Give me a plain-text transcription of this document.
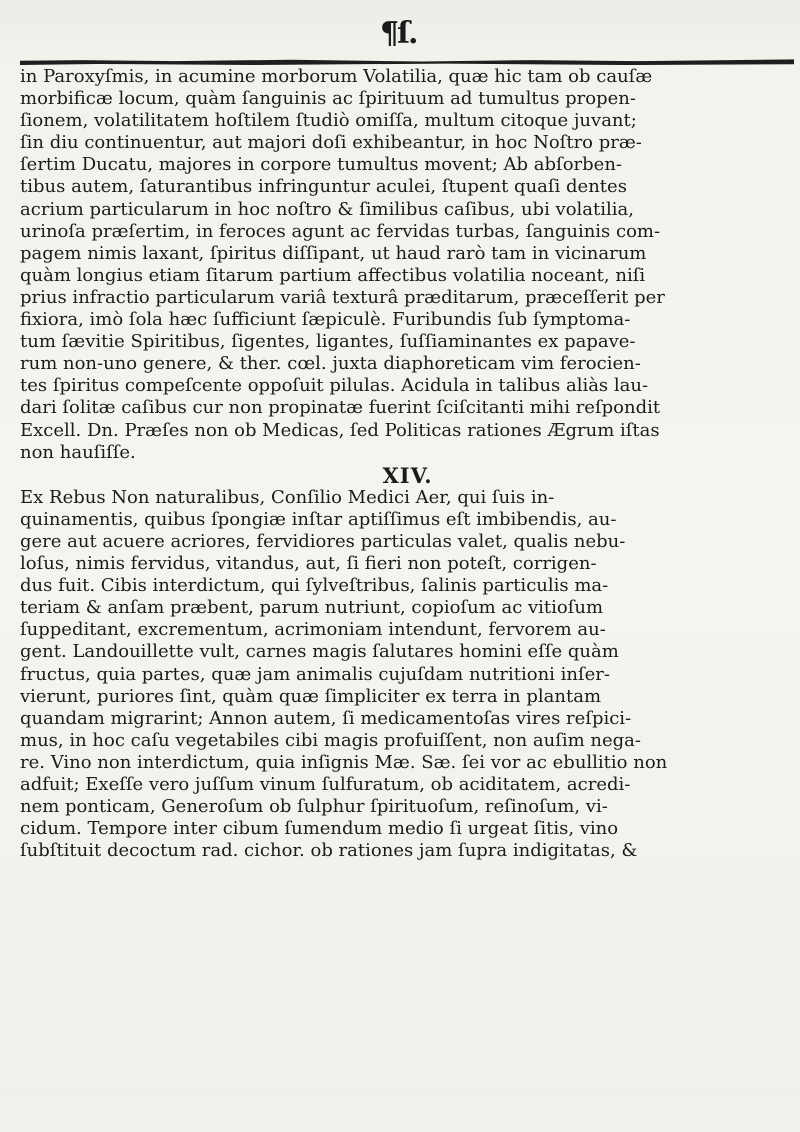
¶ſ.
in Paroxyſmis, in acumine morborum Volatilia, quæ hic tam ob cauſæ
morbificæ locum, quàm ſanguinis ac ſpirituum ad tumultus propen-
ſionem, volatilitatem hoſtilem ſtudiò omiſſa, multum citoque juvant;
ſin diu continuentur, aut majori doſi exhibeantur, in hoc Noſtro præ-
ſertim Ducatu, majores in corpore tumultus movent; Ab abſorben-
tibus autem, ſaturantibus infringuntur aculei, ſtupent quaſi dentes
acrium particularum in hoc noſtro & ſimilibus caſibus, ubi volatilia,
urinoſa præſertim, in feroces agunt ac fervidas turbas, ſanguinis com-
pagem nimis laxant, ſpiritus diſſipant, ut haud rarò tam in vicinarum
quàm longius etiam ſitarum partium affectibus volatilia noceant, niſi
prius infractio particularum variâ texturâ præditarum, præceſſerit per
fixiora, imò ſola hæc ſufficiunt ſæpiculè. Furibundis ſub ſymptoma-
tum ſævitie Spiritibus, ſigentes, ligantes, ſuſſiaminantes ex papave-
rum non-uno genere, & ther. cœl. juxta diaphoreticam vim ferocien-
tes ſpiritus compeſcente oppoſuit pilulas. Acidula in talibus aliàs lau-
dari ſolitæ caſibus cur non propinatæ fuerint ſciſcitanti mihi reſpondit
Excell. Dn. Præſes non ob Medicas, ſed Politicas rationes Ægrum iſtas
non hauſiſſe.
XIV.
Ex Rebus Non naturalibus, Conſilio Medici Aer, qui ſuis in-
quinamentis, quibus ſpongiæ inſtar aptiſſimus eſt imbibendis, au-
gere aut acuere acriores, fervidiores particulas valet, qualis nebu-
loſus, nimis fervidus, vitandus, aut, ſi fieri non poteſt, corrigen-
dus fuit. Cibis interdictum, qui ſylveſtribus, ſalinis particulis ma-
teriam & anſam præbent, parum nutriunt, copioſum ac vitioſum
ſuppeditant, excrementum, acrimoniam intendunt, fervorem au-
gent. Landouillette vult, carnes magis ſalutares homini eſſe quàm
fructus, quia partes, quæ jam animalis cujuſdam nutritioni inſer-
vierunt, puriores ſint, quàm quæ ſimpliciter ex terra in plantam
quandam migrarint; Annon autem, ſi medicamentoſas vires reſpici-
mus, in hoc caſu vegetabiles cibi magis profuiſſent, non auſim nega-
re. Vino non interdictum, quia inſignis Mæ. Sæ. ſei vor ac ebullitio non
adfuit; Exeſſe vero juſſum vinum ſulfuratum, ob aciditatem, acredi-
nem ponticam, Generoſum ob ſulphur ſpirituoſum, reſinoſum, vi-
cidum. Tempore inter cibum ſumendum medio ſi urgeat ſitis, vino
ſubſtituit decoctum rad. cichor. ob rationes jam ſupra indigitatas, &
